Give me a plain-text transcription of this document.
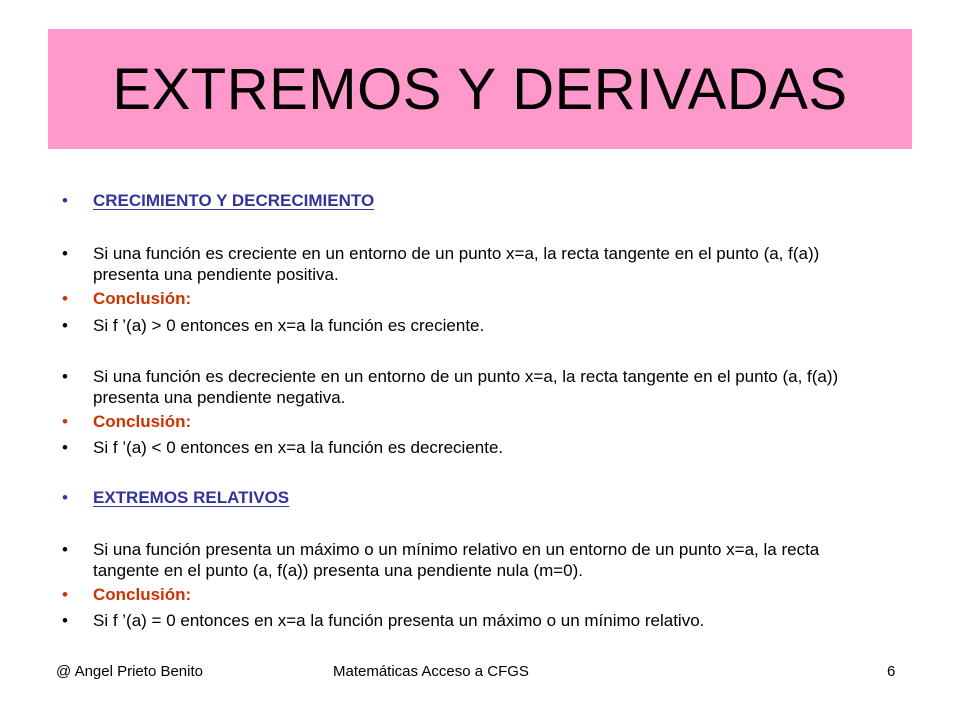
EXTREMOS Y DERIVADAS
• CRECIMIENTO Y DECRECIMIENTO
• Si una función es creciente en un entorno de un punto x=a, la recta tangente en el punto (a, f(a)) presenta una pendiente positiva.
• Conclusión:
• Si f ’(a) > 0 entonces en x=a la función es creciente.
• Si una función es decreciente en un entorno de un punto x=a, la recta tangente en el punto (a, f(a)) presenta una pendiente negativa.
• Conclusión:
• Si f ’(a) < 0 entonces en x=a la función es decreciente.
• EXTREMOS RELATIVOS
• Si una función presenta un máximo o un mínimo relativo en un entorno de un punto x=a, la recta tangente en el punto (a, f(a)) presenta una pendiente nula (m=0).
• Conclusión:
• Si f ’(a) = 0 entonces en x=a la función presenta un máximo o un mínimo relativo.
@ Angel Prieto Benito	Matemáticas Acceso a CFGS	6
